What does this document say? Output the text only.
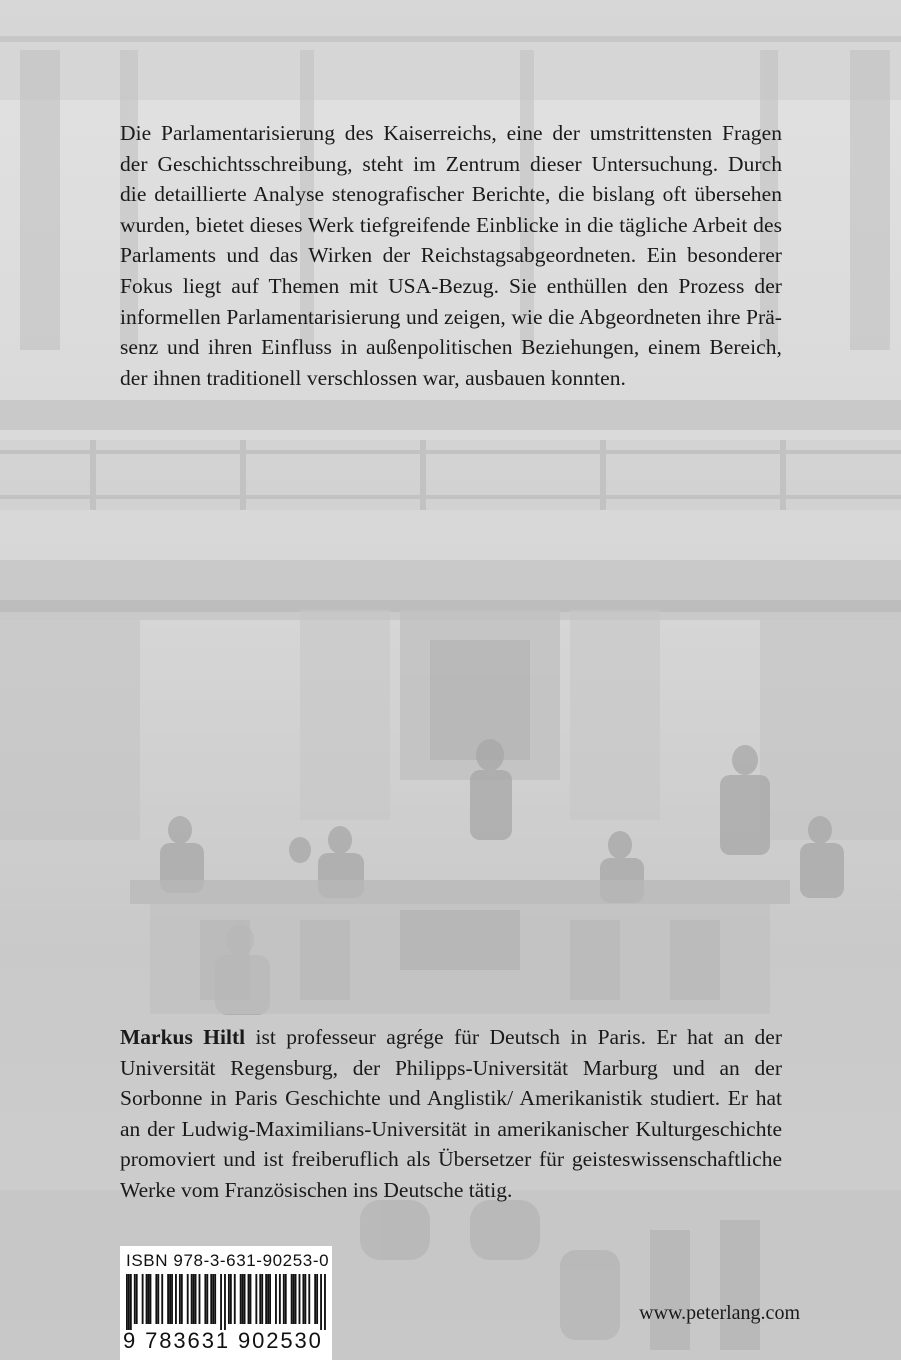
Die Parlamentarisierung des Kaiserreichs, eine der umstrittensten Fragen
der Geschichtsschreibung, steht im Zentrum dieser Untersuchung. Durch
die detaillierte Analyse stenografischer Berichte, die bislang oft übersehen
wurden, bietet dieses Werk tiefgreifende Einblicke in die tägliche Arbeit des
Parlaments und das Wirken der Reichstagsabgeordneten. Ein besonderer
Fokus liegt auf Themen mit USA-Bezug. Sie enthüllen den Prozess der
informellen Parlamentarisierung und zeigen, wie die Abgeordneten ihre Prä-
senz und ihren Einfluss in außenpolitischen Beziehungen, einem Bereich,
der ihnen traditionell verschlossen war, ausbauen konnten.
Markus Hiltl ist professeur agrége für Deutsch in Paris. Er hat an der
Universität Regensburg, der Philipps-Universität Marburg und an der
Sorbonne in Paris Geschichte und Anglistik/ Amerikanistik studiert. Er hat
an der Ludwig-Maximilians-Universität in amerikanischer Kulturgeschichte
promoviert und ist freiberuflich als Übersetzer für geisteswissenschaftliche
Werke vom Französischen ins Deutsche tätig.
ISBN 978-3-631-90253-0
9 783631 902530
www.peterlang.com
